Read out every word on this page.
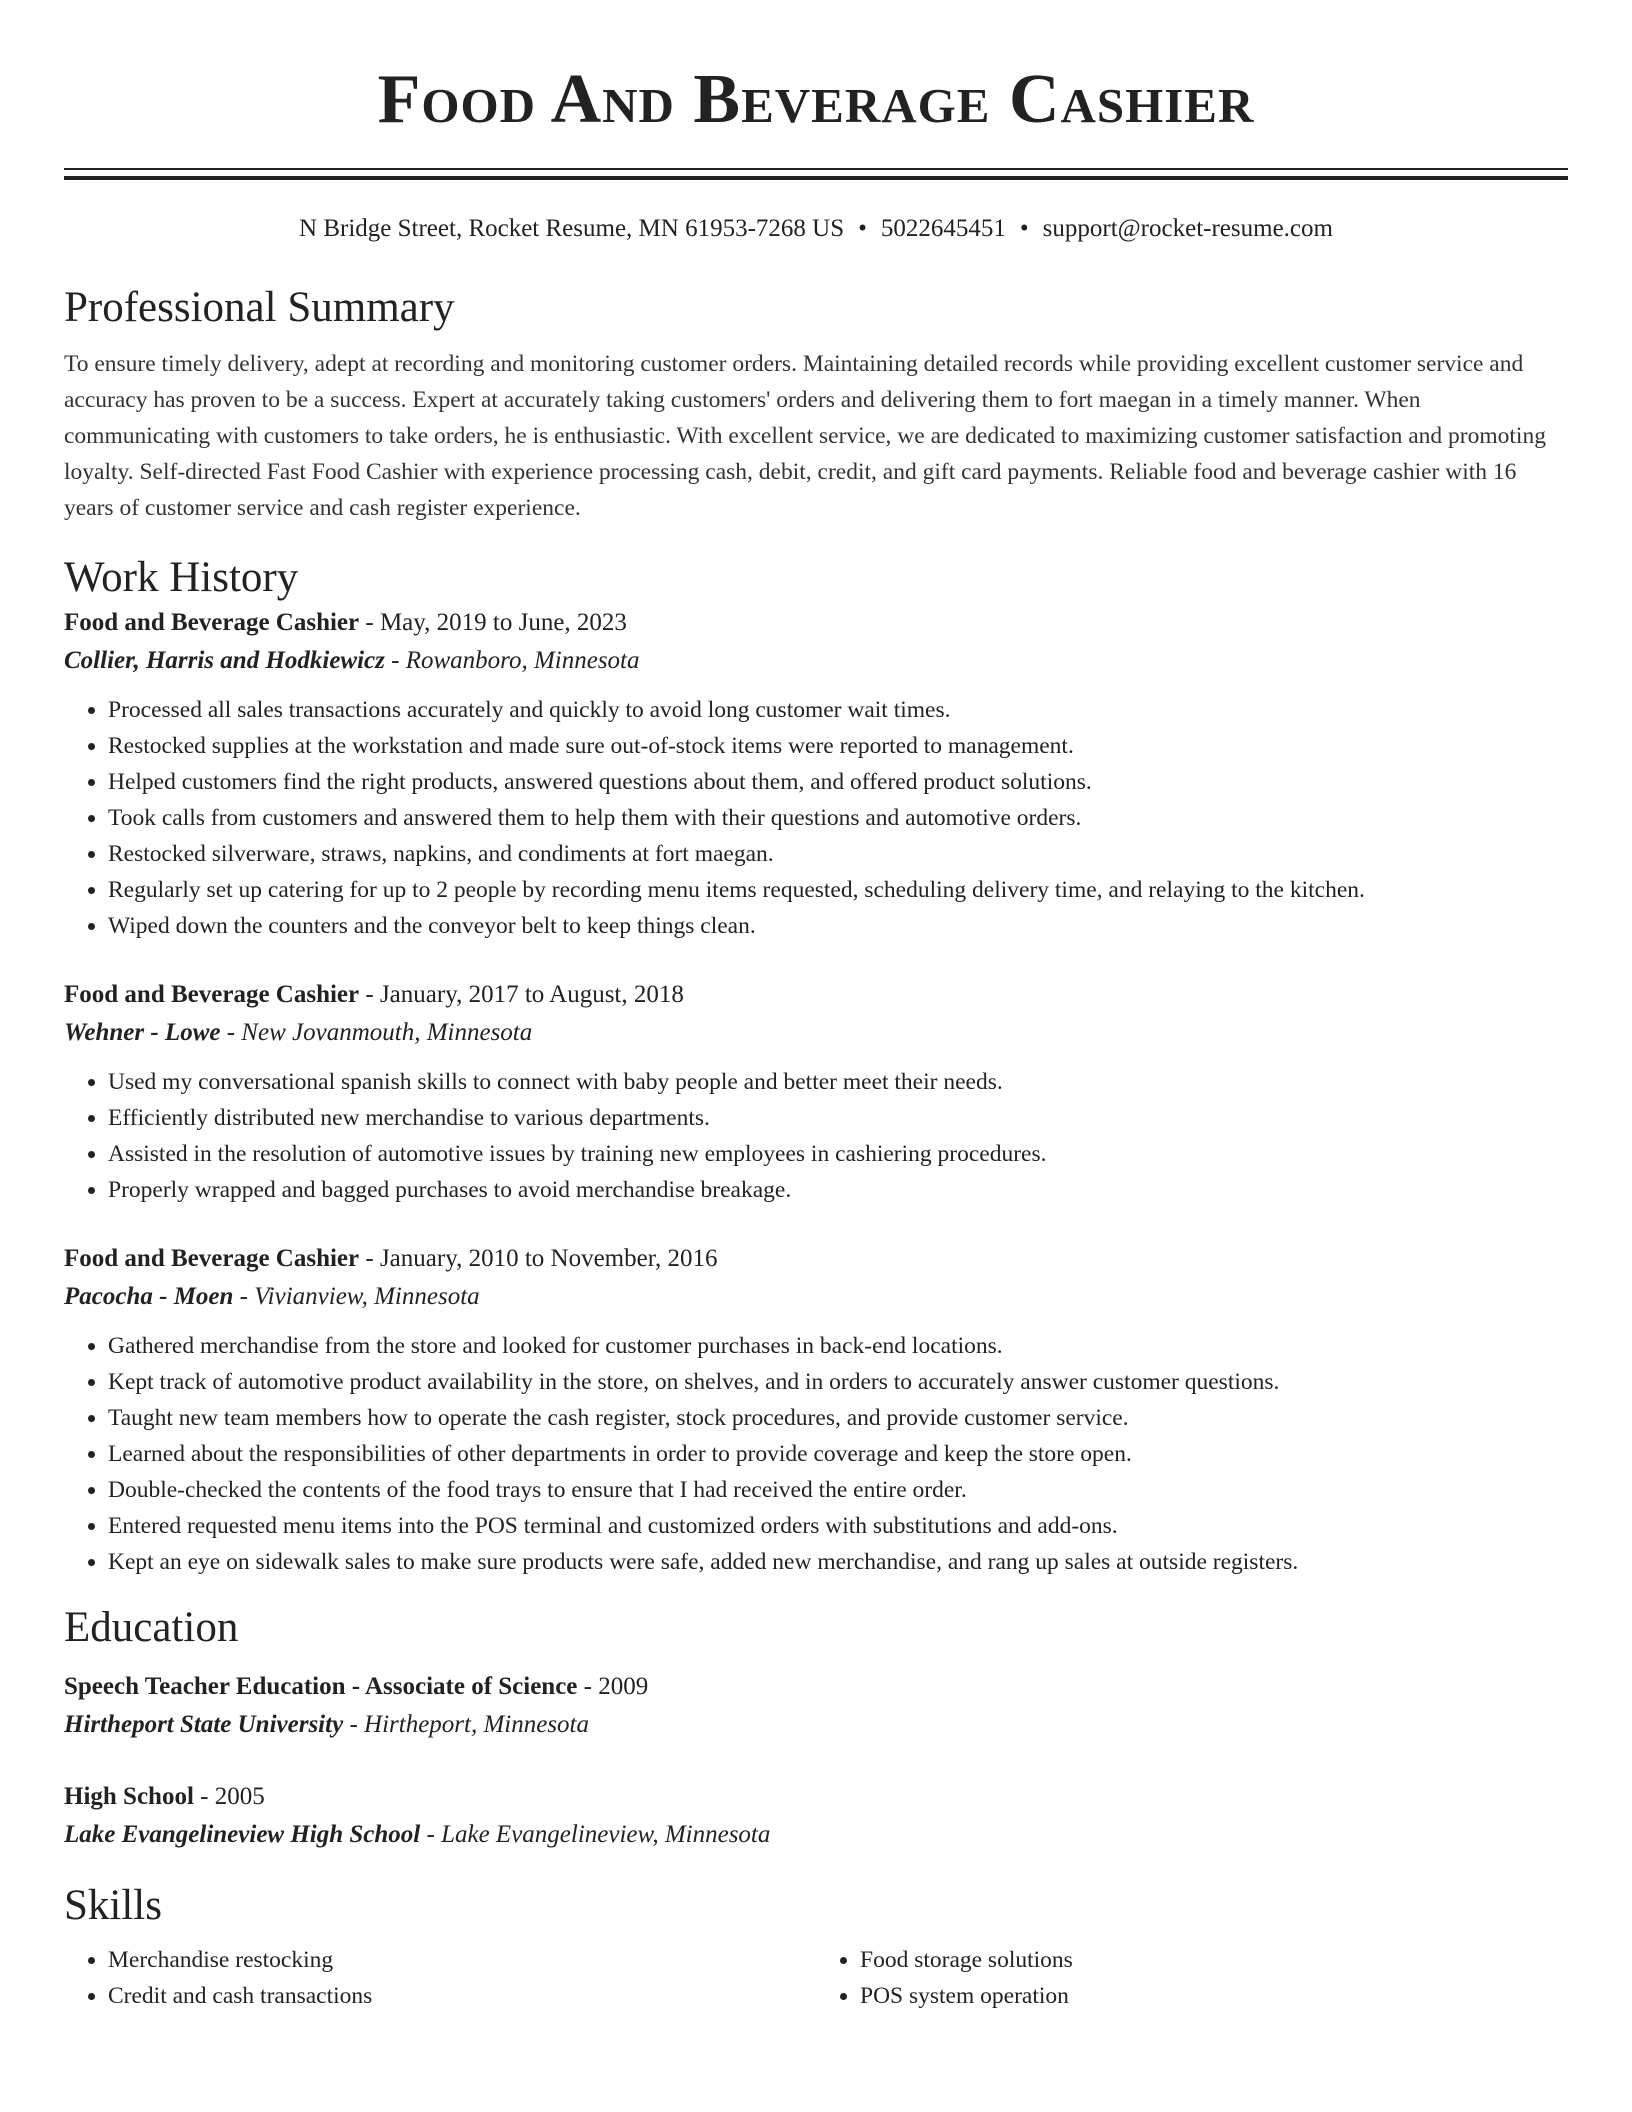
Food And Beverage Cashier
N Bridge Street, Rocket Resume, MN 61953-7268 US • 5022645451 • support@rocket-resume.com
Professional Summary

To ensure timely delivery, adept at recording and monitoring customer orders. Maintaining detailed records while providing excellent customer service and accuracy has proven to be a success. Expert at accurately taking customers' orders and delivering them to fort maegan in a timely manner. When communicating with customers to take orders, he is enthusiastic. With excellent service, we are dedicated to maximizing customer satisfaction and promoting loyalty. Self-directed Fast Food Cashier with experience processing cash, debit, credit, and gift card payments. Reliable food and beverage cashier with 16 years of customer service and cash register experience.

Work History
Food and Beverage Cashier - May, 2019 to June, 2023
Collier, Harris and Hodkiewicz - Rowanboro, Minnesota
• Processed all sales transactions accurately and quickly to avoid long customer wait times.
• Restocked supplies at the workstation and made sure out-of-stock items were reported to management.
• Helped customers find the right products, answered questions about them, and offered product solutions.
• Took calls from customers and answered them to help them with their questions and automotive orders.
• Restocked silverware, straws, napkins, and condiments at fort maegan.
• Regularly set up catering for up to 2 people by recording menu items requested, scheduling delivery time, and relaying to the kitchen.
• Wiped down the counters and the conveyor belt to keep things clean.
Food and Beverage Cashier - January, 2017 to August, 2018
Wehner - Lowe - New Jovanmouth, Minnesota
• Used my conversational spanish skills to connect with baby people and better meet their needs.
• Efficiently distributed new merchandise to various departments.
• Assisted in the resolution of automotive issues by training new employees in cashiering procedures.
• Properly wrapped and bagged purchases to avoid merchandise breakage.
Food and Beverage Cashier - January, 2010 to November, 2016
Pacocha - Moen - Vivianview, Minnesota
• Gathered merchandise from the store and looked for customer purchases in back-end locations.
• Kept track of automotive product availability in the store, on shelves, and in orders to accurately answer customer questions.
• Taught new team members how to operate the cash register, stock procedures, and provide customer service.
• Learned about the responsibilities of other departments in order to provide coverage and keep the store open.
• Double-checked the contents of the food trays to ensure that I had received the entire order.
• Entered requested menu items into the POS terminal and customized orders with substitutions and add-ons.
• Kept an eye on sidewalk sales to make sure products were safe, added new merchandise, and rang up sales at outside registers.
Education
Speech Teacher Education - Associate of Science - 2009
Hirtheport State University - Hirtheport, Minnesota
High School - 2005
Lake Evangelineview High School - Lake Evangelineview, Minnesota
Skills
• Merchandise restocking
• Credit and cash transactions
• Food storage solutions
• POS system operation
